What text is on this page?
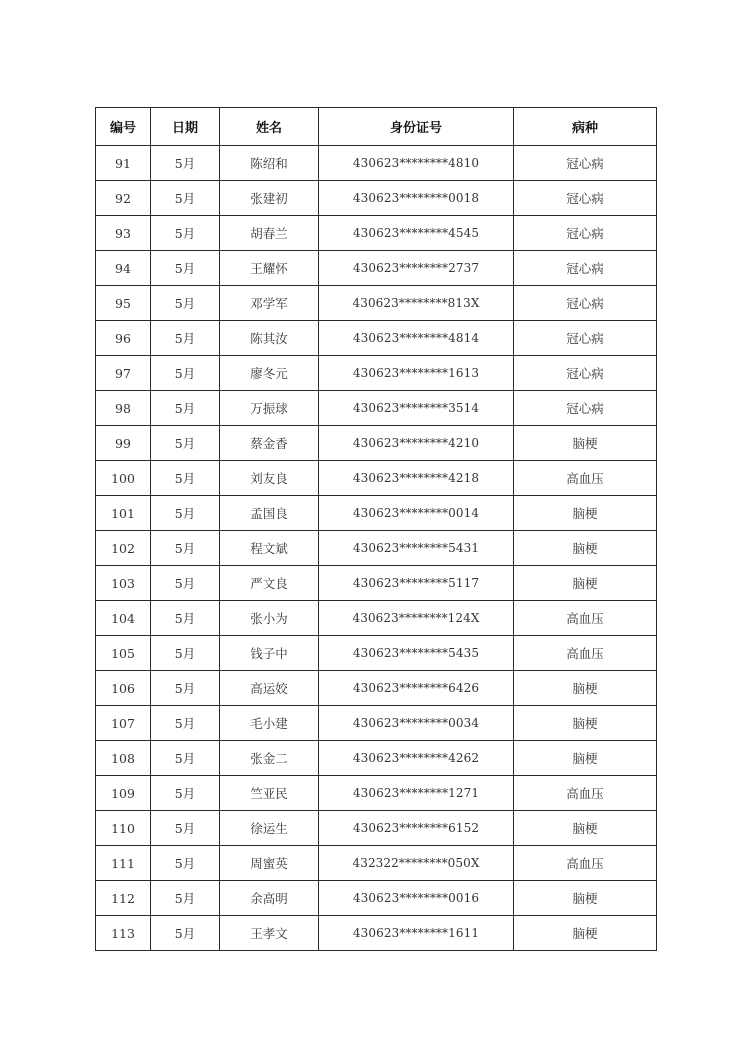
编号	日期	姓名	身份证号	病种
91	5月	陈绍和	430623********4810	冠心病
92	5月	张建初	430623********0018	冠心病
93	5月	胡春兰	430623********4545	冠心病
94	5月	王耀怀	430623********2737	冠心病
95	5月	邓学军	430623********813X	冠心病
96	5月	陈其汝	430623********4814	冠心病
97	5月	廖冬元	430623********1613	冠心病
98	5月	万振球	430623********3514	冠心病
99	5月	蔡金香	430623********4210	脑梗
100	5月	刘友良	430623********4218	高血压
101	5月	孟国良	430623********0014	脑梗
102	5月	程文斌	430623********5431	脑梗
103	5月	严文良	430623********5117	脑梗
104	5月	张小为	430623********124X	高血压
105	5月	钱子中	430623********5435	高血压
106	5月	高运姣	430623********6426	脑梗
107	5月	毛小建	430623********0034	脑梗
108	5月	张金二	430623********4262	脑梗
109	5月	竺亚民	430623********1271	高血压
110	5月	徐运生	430623********6152	脑梗
111	5月	周蜜英	432322********050X	高血压
112	5月	余高明	430623********0016	脑梗
113	5月	王孝文	430623********1611	脑梗
